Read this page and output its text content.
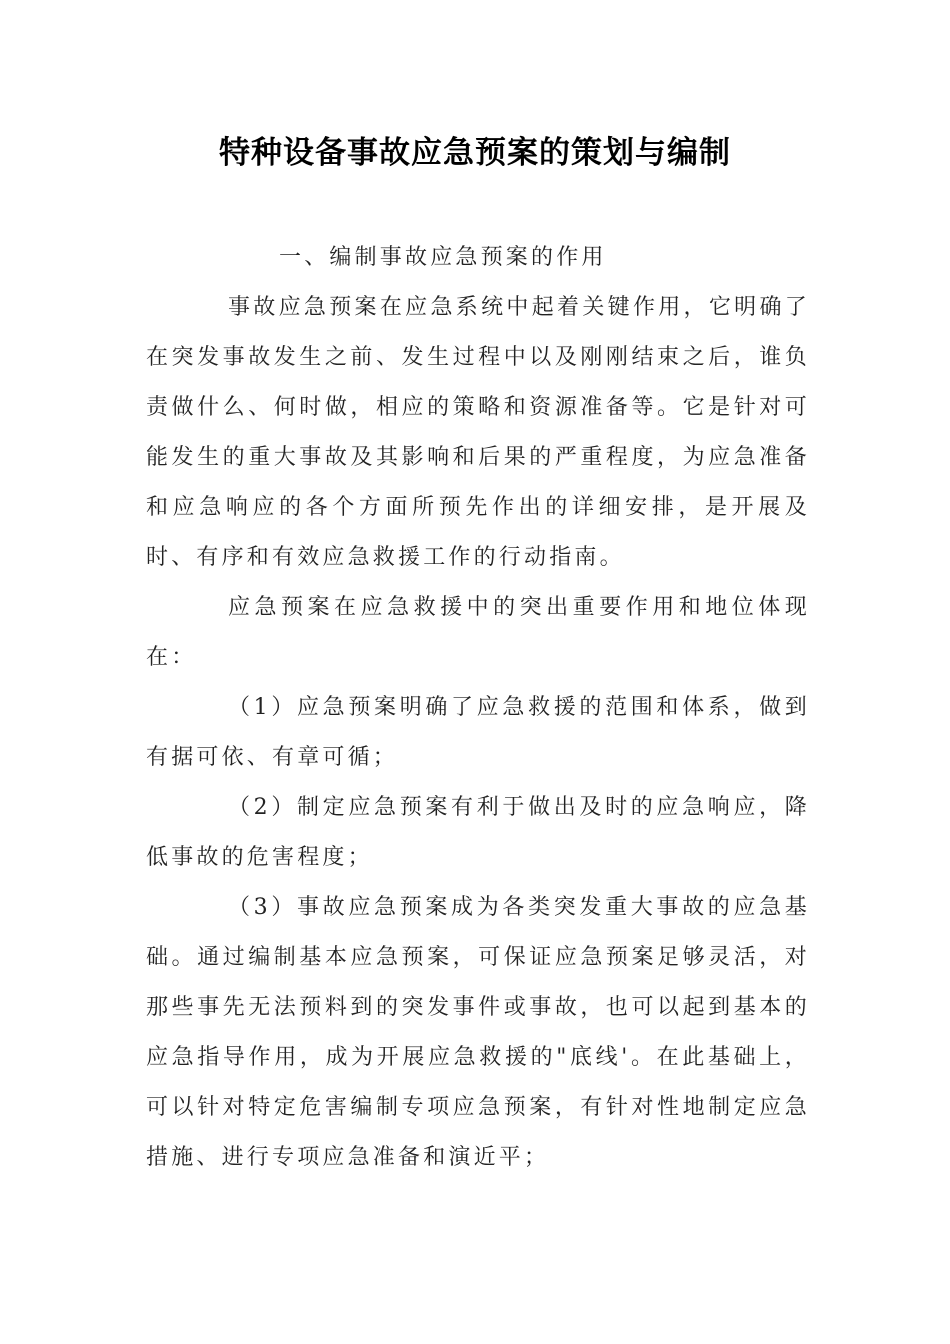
特种设备事故应急预案的策划与编制

一、编制事故应急预案的作用

事故应急预案在应急系统中起着关键作用，它明确了在突发事故发生之前、发生过程中以及刚刚结束之后，谁负责做什么、何时做，相应的策略和资源准备等。它是针对可能发生的重大事故及其影响和后果的严重程度，为应急准备和应急响应的各个方面所预先作出的详细安排，是开展及时、有序和有效应急救援工作的行动指南。

应急预案在应急救援中的突出重要作用和地位体现在：

（1）应急预案明确了应急救援的范围和体系，做到有据可依、有章可循；

（2）制定应急预案有利于做出及时的应急响应，降低事故的危害程度；

（3）事故应急预案成为各类突发重大事故的应急基础。通过编制基本应急预案，可保证应急预案足够灵活，对那些事先无法预料到的突发事件或事故，也可以起到基本的应急指导作用，成为开展应急救援的"底线'。在此基础上，可以针对特定危害编制专项应急预案，有针对性地制定应急措施、进行专项应急准备和演近平；
